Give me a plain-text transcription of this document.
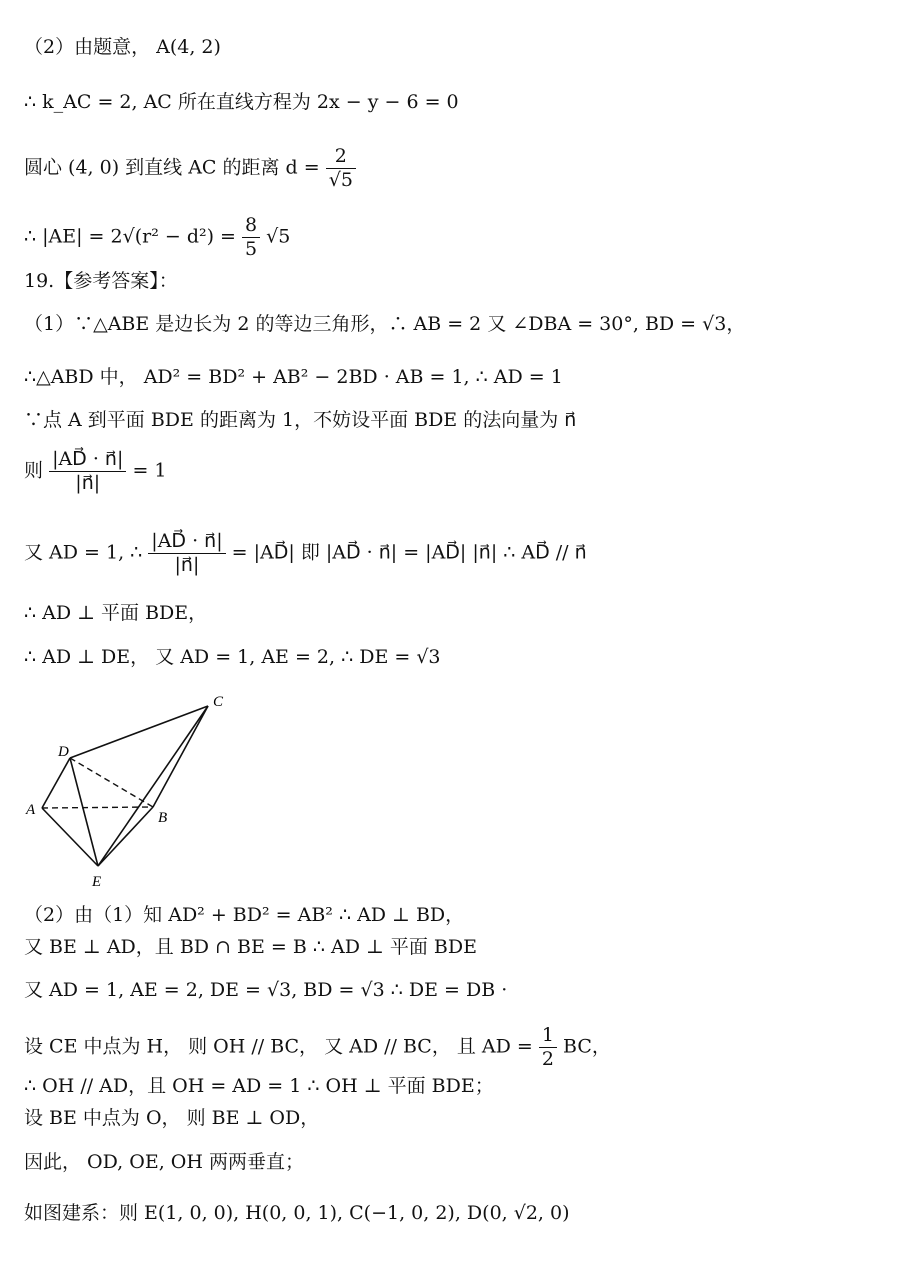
（2）由题意， A(4, 2)
∴ k_AC = 2, AC 所在直线方程为 2x − y − 6 = 0
圆心 (4, 0) 到直线 AC 的距离 $d = \frac{2}{√5}$
∴ $|AE| = 2√(r^2 - d^2) = \frac{8}{5} √5$
19.【参考答案】：
（1）∵△ABE 是边长为 2 的等边三角形，∴ AB = 2 又 ∠DBA = 30°, BD = √3，
∴△ABD 中， AD² = BD² + AB² − 2BD · AB = 1, ∴ AD = 1
∵点 A 到平面 BDE 的距离为 1，不妨设平面 BDE 的法向量为 n⃗
则 $\frac{|AD⃗ \cdot n⃗|}{|n⃗|} = 1$
又 AD = 1, ∴ $\frac{|AD⃗ \cdot n⃗|}{|n⃗|}$ = |AD⃗| 即 |AD⃗ · n⃗| = |AD⃗| |n⃗| ∴ AD⃗ // n⃗
∴ AD ⊥ 平面 BDE，
∴ AD ⊥ DE， 又 AD = 1, AE = 2, ∴ DE = √3
C
D
A	B
E
（2）由（1）知 AD² + BD² = AB² ∴ AD ⊥ BD，
又 BE ⊥ AD，且 BD ∩ BE = B ∴ AD ⊥ 平面 BDE
又 AD = 1, AE = 2, DE = √3, BD = √3 ∴ DE = DB ·
设 CE 中点为 H， 则 OH // BC， 又 AD // BC， 且 AD = $\frac{1}{2}$ BC，
∴ OH // AD，且 OH = AD = 1 ∴ OH ⊥ 平面 BDE；
设 BE 中点为 O， 则 BE ⊥ OD，
因此， OD, OE, OH 两两垂直；
如图建系：则 E(1, 0, 0), H(0, 0, 1), C(−1, 0, 2), D(0, √2, 0)
